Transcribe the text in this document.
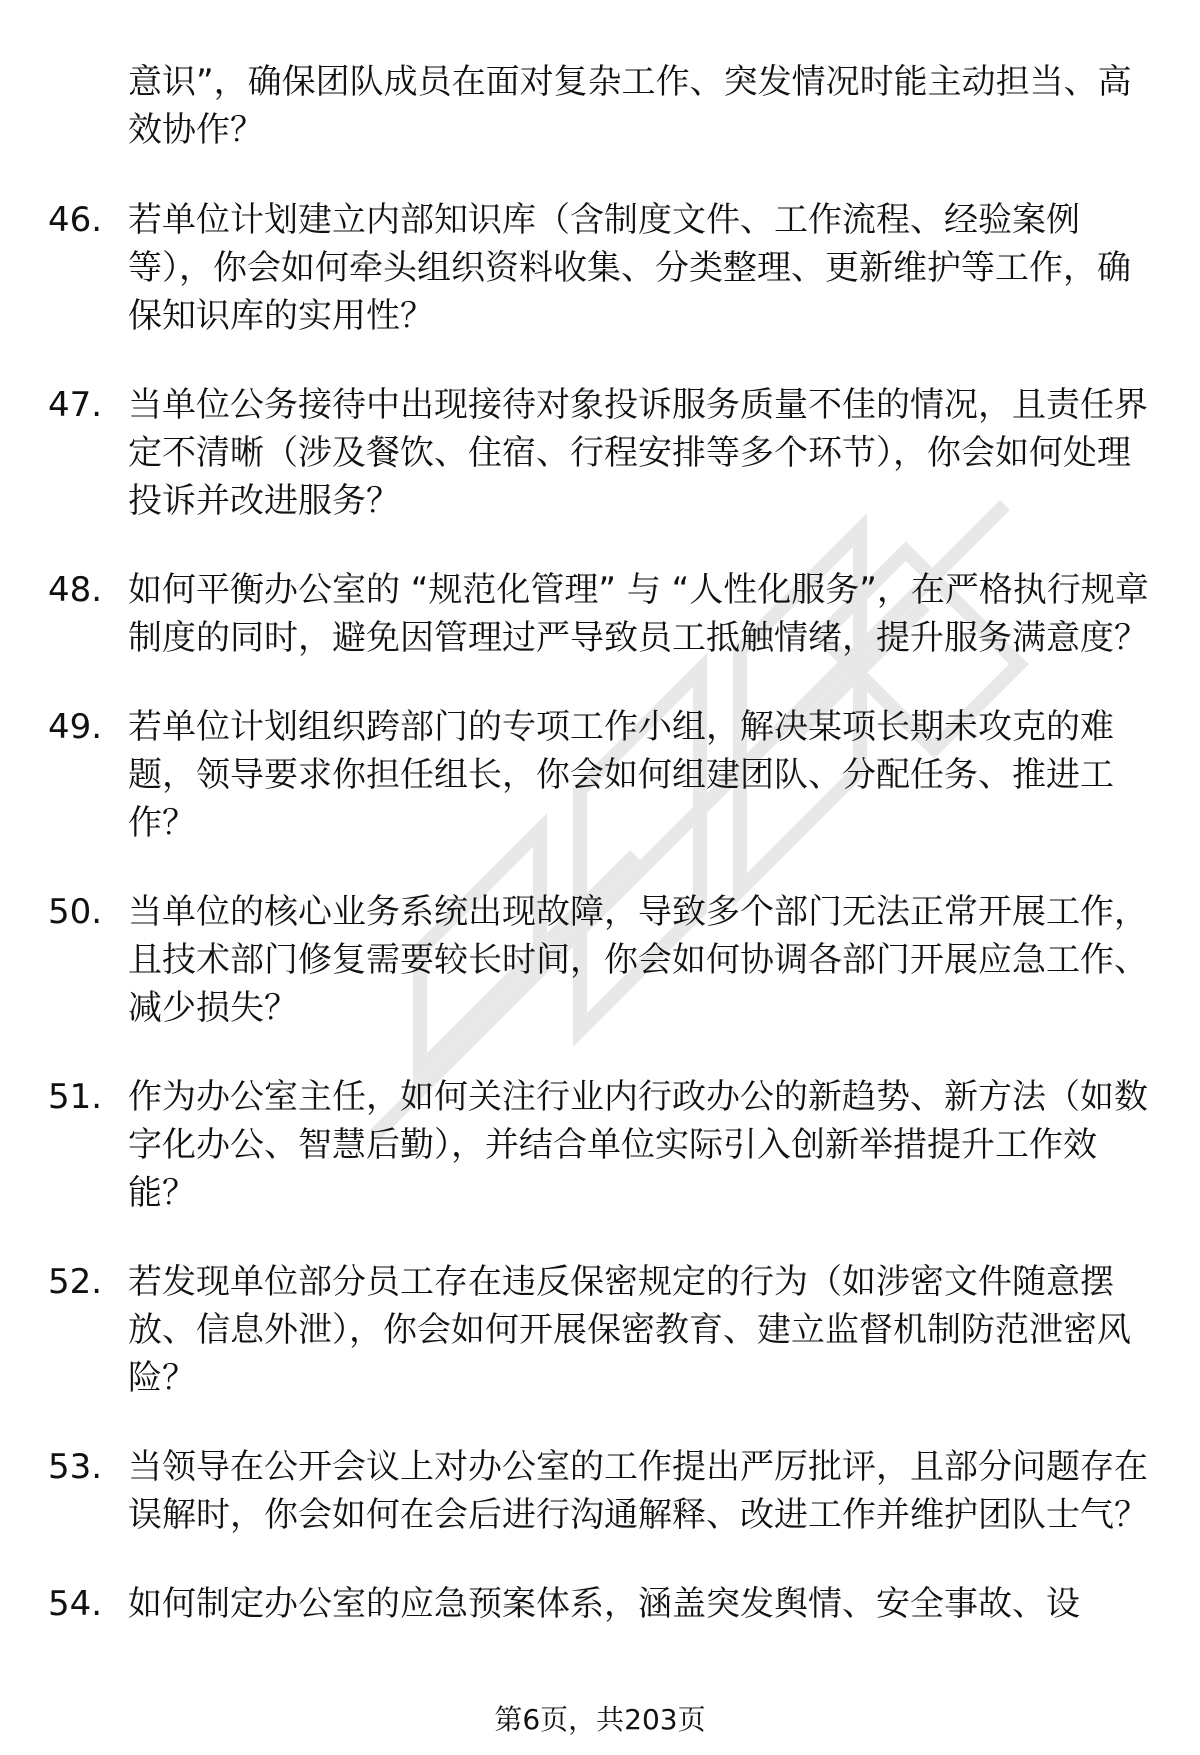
意识”，确保团队成员在面对复杂工作、突发情况时能主动担当、高效协作？

46. 若单位计划建立内部知识库（含制度文件、工作流程、经验案例等），你会如何牵头组织资料收集、分类整理、更新维护等工作，确保知识库的实用性？
47. 当单位公务接待中出现接待对象投诉服务质量不佳的情况，且责任界定不清晰（涉及餐饮、住宿、行程安排等多个环节），你会如何处理投诉并改进服务？
48. 如何平衡办公室的 “规范化管理” 与 “人性化服务”，在严格执行规章制度的同时，避免因管理过严导致员工抵触情绪，提升服务满意度？
49. 若单位计划组织跨部门的专项工作小组，解决某项长期未攻克的难题，领导要求你担任组长，你会如何组建团队、分配任务、推进工作？
50. 当单位的核心业务系统出现故障，导致多个部门无法正常开展工作，且技术部门修复需要较长时间，你会如何协调各部门开展应急工作、减少损失？
51. 作为办公室主任，如何关注行业内行政办公的新趋势、新方法（如数字化办公、智慧后勤），并结合单位实际引入创新举措提升工作效能？
52. 若发现单位部分员工存在违反保密规定的行为（如涉密文件随意摆放、信息外泄），你会如何开展保密教育、建立监督机制防范泄密风险？
53. 当领导在公开会议上对办公室的工作提出严厉批评，且部分问题存在误解时，你会如何在会后进行沟通解释、改进工作并维护团队士气？
54. 如何制定办公室的应急预案体系，涵盖突发舆情、安全事故、设
第6页，共203页
